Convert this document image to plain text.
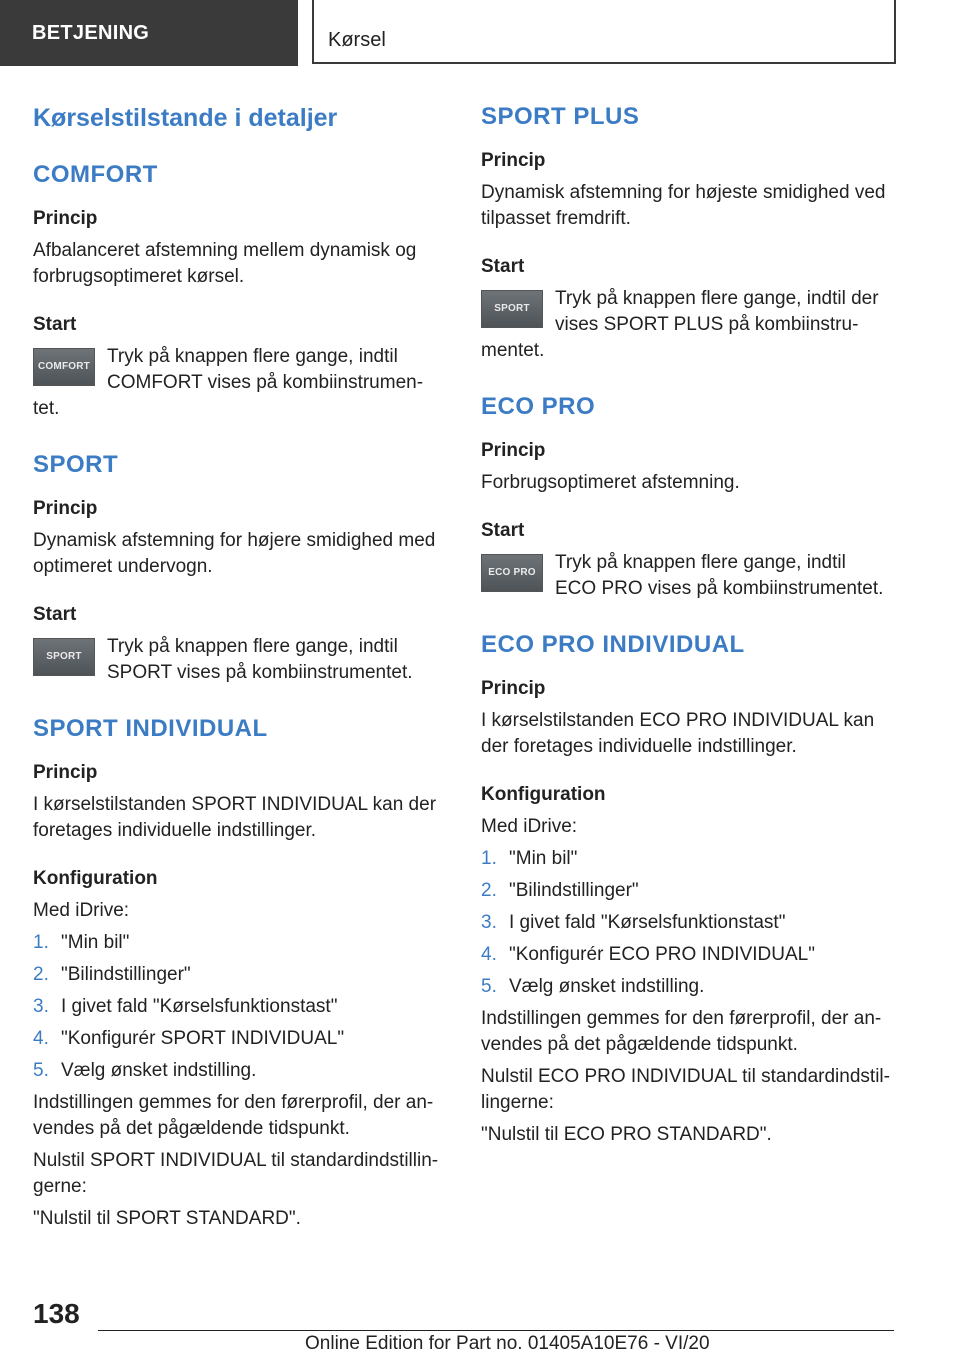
BETJENING	Kørsel
Kørselstilstande i detaljer
COMFORT
Princip

Afbalanceret afstemning mellem dynamisk og forbrugsoptimeret kørsel.

Start
COMFORT Tryk på knappen flere gange, indtil COMFORT vises på kombiinstrumen-tet.
SPORT
Princip

Dynamisk afstemning for højere smidighed med optimeret undervogn.

Start
SPORT	Tryk på knappen flere gange, indtil SPORT vises på kombiinstrumentet.
SPORT INDIVIDUAL
Princip

I kørselstilstanden SPORT INDIVIDUAL kan der foretages individuelle indstillinger.

Konfiguration

Med iDrive:

1. "Min bil"
2. "Bilindstillinger"
3. I givet fald "Kørselsfunktionstast"
4. "Konfigurér SPORT INDIVIDUAL"
5. Vælg ønsket indstilling.

Indstillingen gemmes for den førerprofil, der an-vendes på det pågældende tidspunkt.

Nulstil SPORT INDIVIDUAL til standardindstillin-gerne:

"Nulstil til SPORT STANDARD".

SPORT PLUS
Princip

Dynamisk afstemning for højeste smidighed ved tilpasset fremdrift.

Start
SPORT	Tryk på knappen flere gange, indtil der vises SPORT PLUS på kombiinstru-mentet.
ECO PRO
Princip

Forbrugsoptimeret afstemning.

Start
ECO PRO	Tryk på knappen flere gange, indtil ECO PRO vises på kombiinstrumentet.
ECO PRO INDIVIDUAL
Princip

I kørselstilstanden ECO PRO INDIVIDUAL kan der foretages individuelle indstillinger.

Konfiguration

Med iDrive:

1. "Min bil"
2. "Bilindstillinger"
3. I givet fald "Kørselsfunktionstast"
4. "Konfigurér ECO PRO INDIVIDUAL"
5. Vælg ønsket indstilling.

Indstillingen gemmes for den førerprofil, der an-vendes på det pågældende tidspunkt.

Nulstil ECO PRO INDIVIDUAL til standardindstil-lingerne:

"Nulstil til ECO PRO STANDARD".

138
Online Edition for Part no. 01405A10E76 - VI/20
